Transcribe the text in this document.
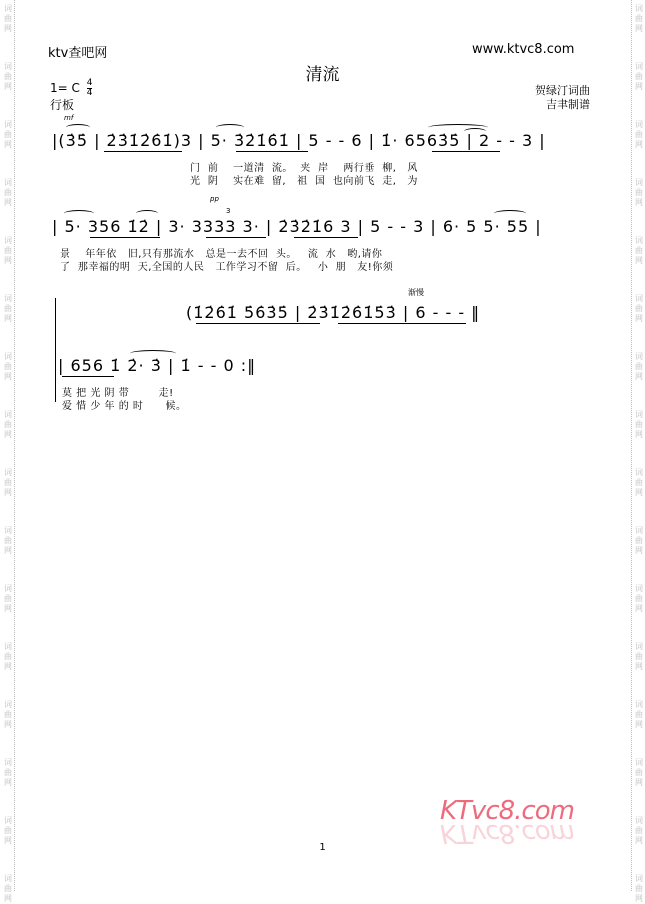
词
曲
网
词
曲
网
词
曲
网
词
曲
网
词
曲
网
词
曲
网
词
曲
网
词
曲
网
词
曲
网
词
曲
网
词
曲
网
词
曲
网
词
曲
网
词
曲
网
词
曲
网
词
曲
网
词
曲
网
词
曲
网
词
曲
网
词
曲
网
词
曲
网
词
曲
网
词
曲
网
词
曲
网
词
曲
网
词
曲
网
词
曲
网
词
曲
网
词
曲
网
词
曲
网
词
曲
网
词
曲
网
ktv查吧网	www.ktvc8.com
清流
1= C $\frac{4}{4}$
行板
贺绿汀词曲
吉聿制谱
mf
|(3̇5̇ | 2̇3̇1̇2̇6̇1̇)3 | 5· 3̇2̇1̇6̇1̇ | 5 - - 6 | 1̇· 6563̇5̇ | 2 - - 3 |
门  前    一道清  流。  夹  岸    两行垂  柳,   风
光  阴    实在难  留,   祖  国  也向前飞  走,   为
pp
3
| 5· 356 1̇2̇ | 3· 3333 3· | 2̇3̇2̇1̇6 3 | 5 - - 3 | 6· 5 5· 55 |
景    年年依   旧,只有那流水   总是一去不回  头。   流  水   哟,请你
了  那幸福的明  天,全国的人民   工作学习不留  后。   小  朋   友!你须
渐慢
(1̇2̇6̇1̇ 5̇6̇3̇5̇ | 2̇3̇1̇2̇6̇1̇5̇3̇ | 6 - - - ‖
| 656 1̇ 2̇· 3̇ | 1̇ - - 0 :‖
莫 把 光 阴 带        走!
爱 惜 少 年 的 时      候。
KTvc8.com
KTvc8.com
1
